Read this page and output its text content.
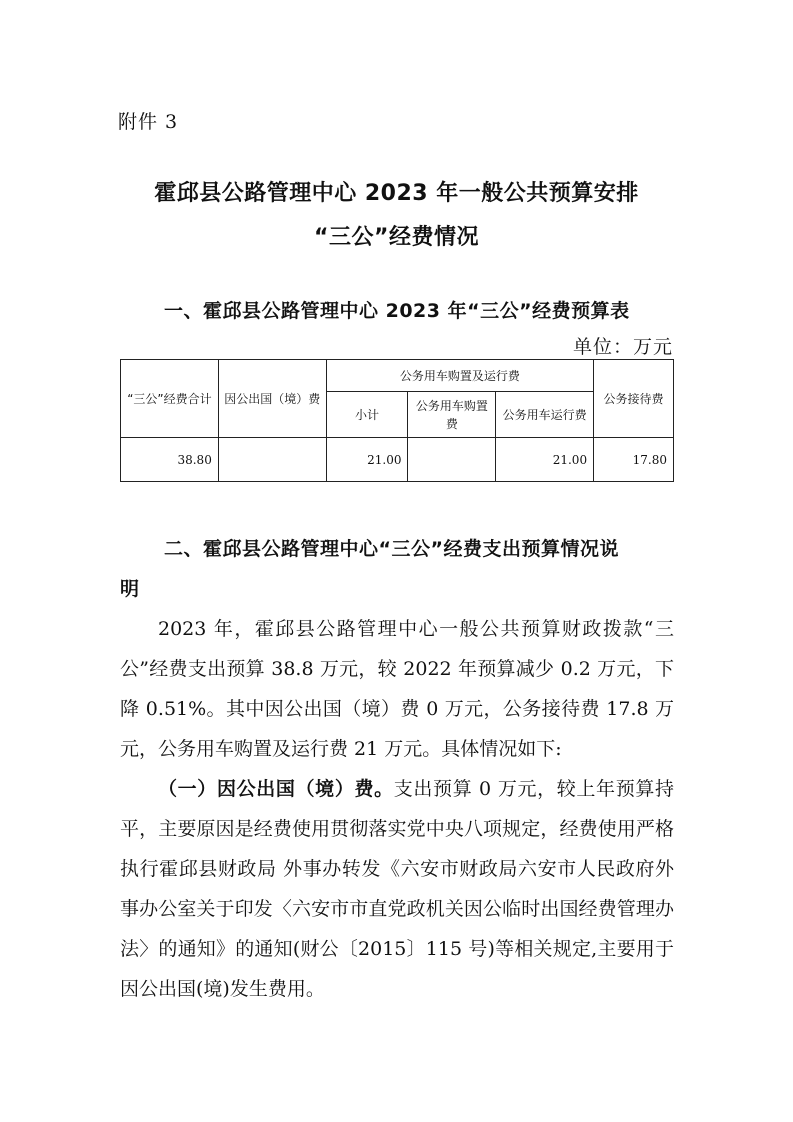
附件 3
霍邱县公路管理中心 2023 年一般公共预算安排
“三公”经费情况
一、霍邱县公路管理中心 2023 年“三公”经费预算表
单位：万元
“三公”经费合计	因公出国（境）费	公务用车购置及运行费			公务接待费
		小计	公务用车购置费	公务用车运行费	
38.80		21.00		21.00	17.80
二、霍邱县公路管理中心“三公”经费支出预算情况说
明
2023 年，霍邱县公路管理中心一般公共预算财政拨款“三公”经费支出预算 38.8 万元，较 2022 年预算减少 0.2 万元，下降 0.51%。其中因公出国（境）费 0 万元，公务接待费 17.8 万元，公务用车购置及运行费 21 万元。具体情况如下:
（一）因公出国（境）费。支出预算 0 万元，较上年预算持平，主要原因是经费使用贯彻落实党中央八项规定，经费使用严格执行霍邱县财政局 外事办转发《六安市财政局六安市人民政府外事办公室关于印发〈六安市市直党政机关因公临时出国经费管理办法〉的通知》的通知(财公〔2015〕115 号)等相关规定,主要用于因公出国(境)发生费用。
